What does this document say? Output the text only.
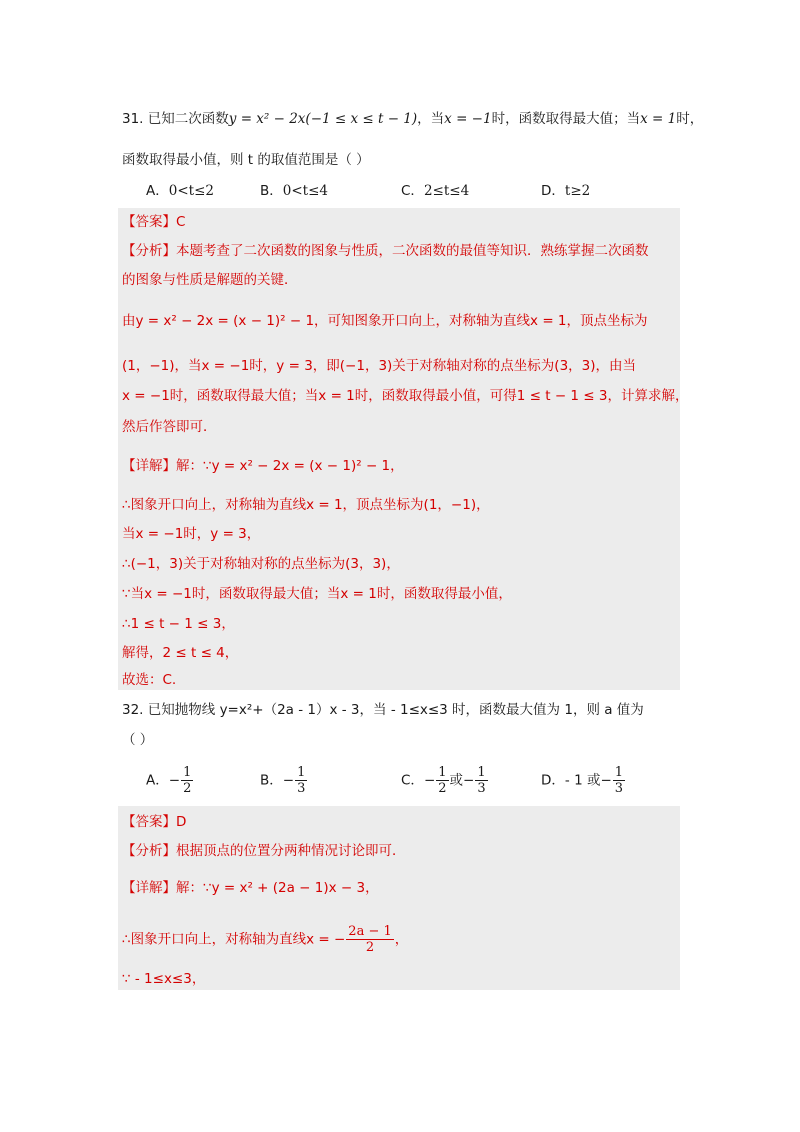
31. 已知二次函数y = x² − 2x(−1 ≤ x ≤ t − 1)，当x = −1时，函数取得最大值；当x = 1时，
函数取得最小值，则 t 的取值范围是（ ）
A．0<t≤2	B．0<t≤4	C．2≤t≤4	D．t≥2
【答案】C
【分析】本题考查了二次函数的图象与性质，二次函数的最值等知识．熟练掌握二次函数
的图象与性质是解题的关键．
由y = x² − 2x = (x − 1)² − 1，可知图象开口向上，对称轴为直线x = 1，顶点坐标为
(1，−1)，当x = −1时，y = 3，即(−1，3)关于对称轴对称的点坐标为(3，3)，由当
x = −1时，函数取得最大值；当x = 1时，函数取得最小值，可得1 ≤ t − 1 ≤ 3，计算求解，
然后作答即可．
【详解】解：∵y = x² − 2x = (x − 1)² − 1，
∴图象开口向上，对称轴为直线x = 1，顶点坐标为(1，−1)，
当x = −1时，y = 3，
∴(−1，3)关于对称轴对称的点坐标为(3，3)，
∵当x = −1时，函数取得最大值；当x = 1时，函数取得最小值，
∴1 ≤ t − 1 ≤ 3，
解得，2 ≤ t ≤ 4，
故选：C.
32. 已知抛物线 y=x²+（2a - 1）x - 3，当 - 1≤x≤3 时，函数最大值为 1，则 a 值为
（ ）
A．− $\frac{1}{2}$	B．− $\frac{1}{3}$	C．− $\frac{1}{2}$ 或− $\frac{1}{3}$	D．- 1 或− $\frac{1}{3}$
【答案】D
【分析】根据顶点的位置分两种情况讨论即可．
【详解】解：∵y = x² + (2a − 1)x − 3，
∴图象开口向上，对称轴为直线x = − $\frac{2a - 1}{2}$ ，
∵ - 1≤x≤3，
